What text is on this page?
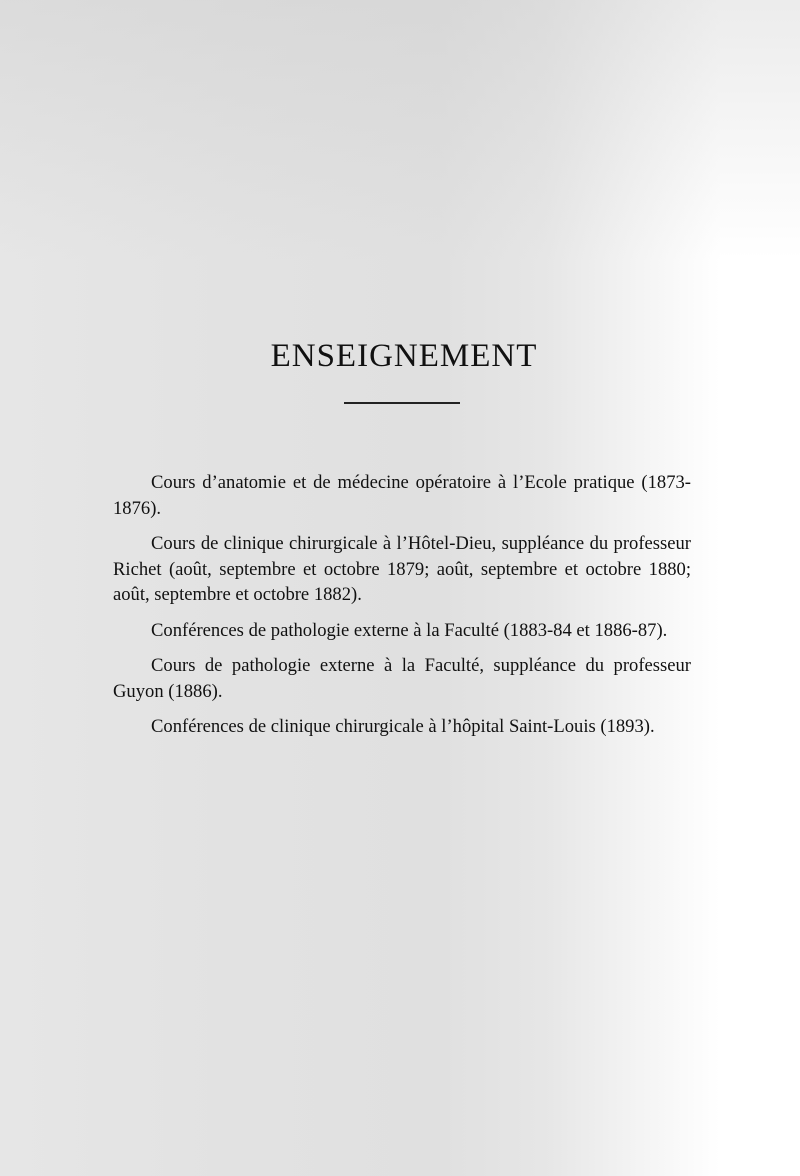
ENSEIGNEMENT

Cours d’anatomie et de médecine opératoire à l’Ecole pratique (1873-1876).

Cours de clinique chirurgicale à l’Hôtel-Dieu, suppléance du professeur Richet (août, septembre et octobre 1879; août, septembre et octobre 1880; août, septembre et octobre 1882).

Conférences de pathologie externe à la Faculté (1883-84 et 1886-87).

Cours de pathologie externe à la Faculté, suppléance du professeur Guyon (1886).

Conférences de clinique chirurgicale à l’hôpital Saint-Louis (1893).
